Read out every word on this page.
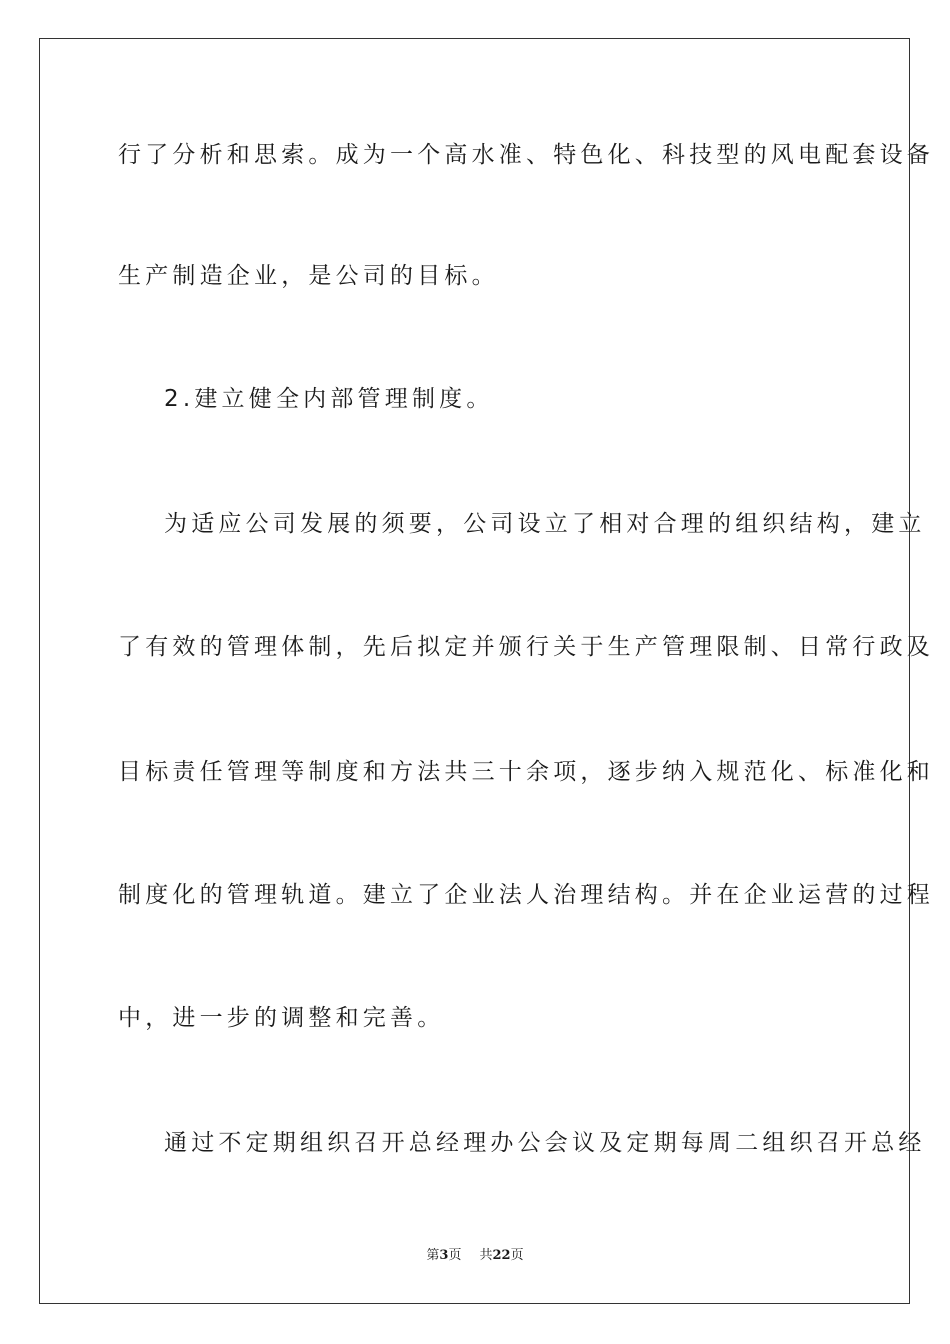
行了分析和思索。成为一个高水准、特色化、科技型的风电配套设备
生产制造企业，是公司的目标。
2.建立健全内部管理制度。
为适应公司发展的须要，公司设立了相对合理的组织结构，建立
了有效的管理体制，先后拟定并颁行关于生产管理限制、日常行政及
目标责任管理等制度和方法共三十余项，逐步纳入规范化、标准化和
制度化的管理轨道。建立了企业法人治理结构。并在企业运营的过程
中，进一步的调整和完善。
通过不定期组织召开总经理办公会议及定期每周二组织召开总经
第3页 共22页
